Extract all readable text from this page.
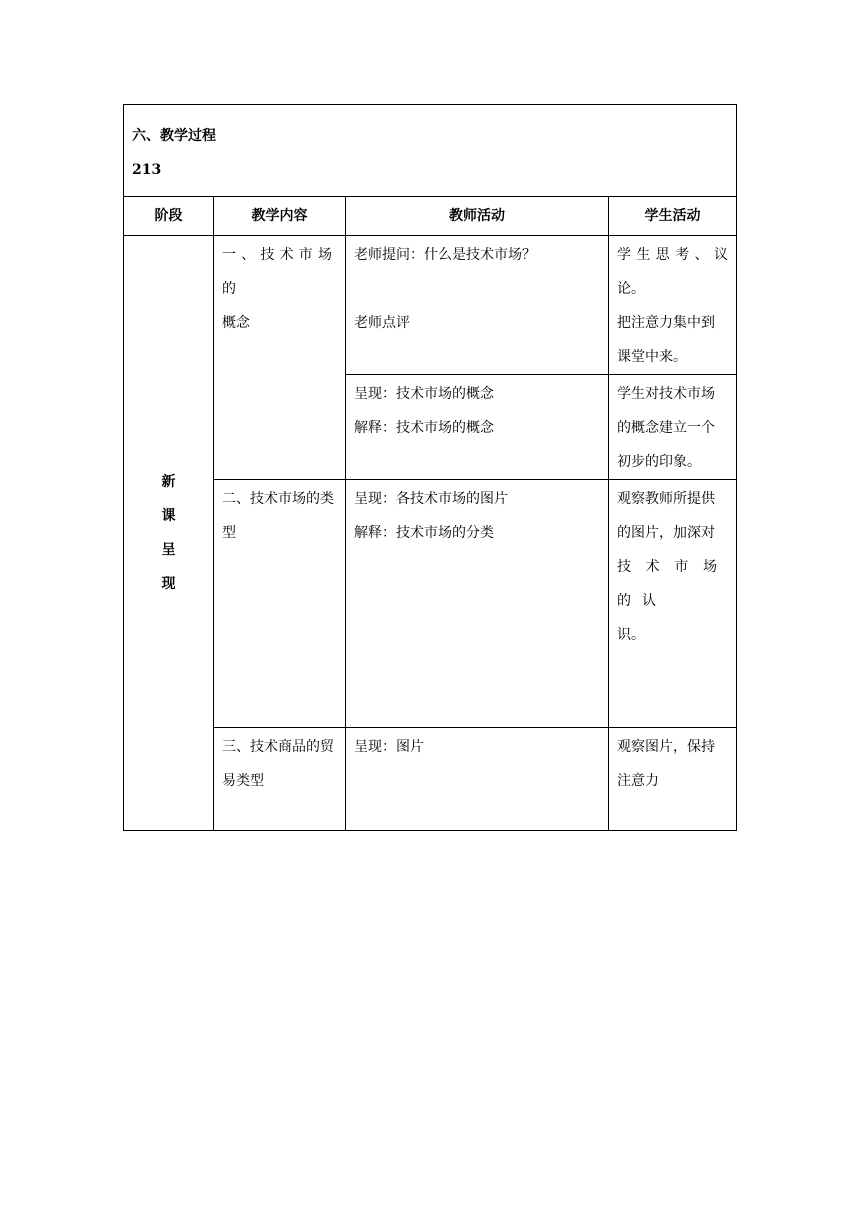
六、教学过程
213			

阶段	教学内容	教师活动	学生活动

新
课
呈
现	一、技术市场的
概念	老师提问：什么是技术市场？
老师点评	学生思考、议论。
把注意力集中到
课堂中来。

		呈现：技术市场的概念
解释：技术市场的概念	学生对技术市场
的概念建立一个
初步的印象。

	二、技术市场的类
型	呈现：各技术市场的图片
解释：技术市场的分类	观察教师所提供
的图片，加深对
技术市场的认
识。

	三、技术商品的贸
易类型	呈现：图片	观察图片，保持
注意力
